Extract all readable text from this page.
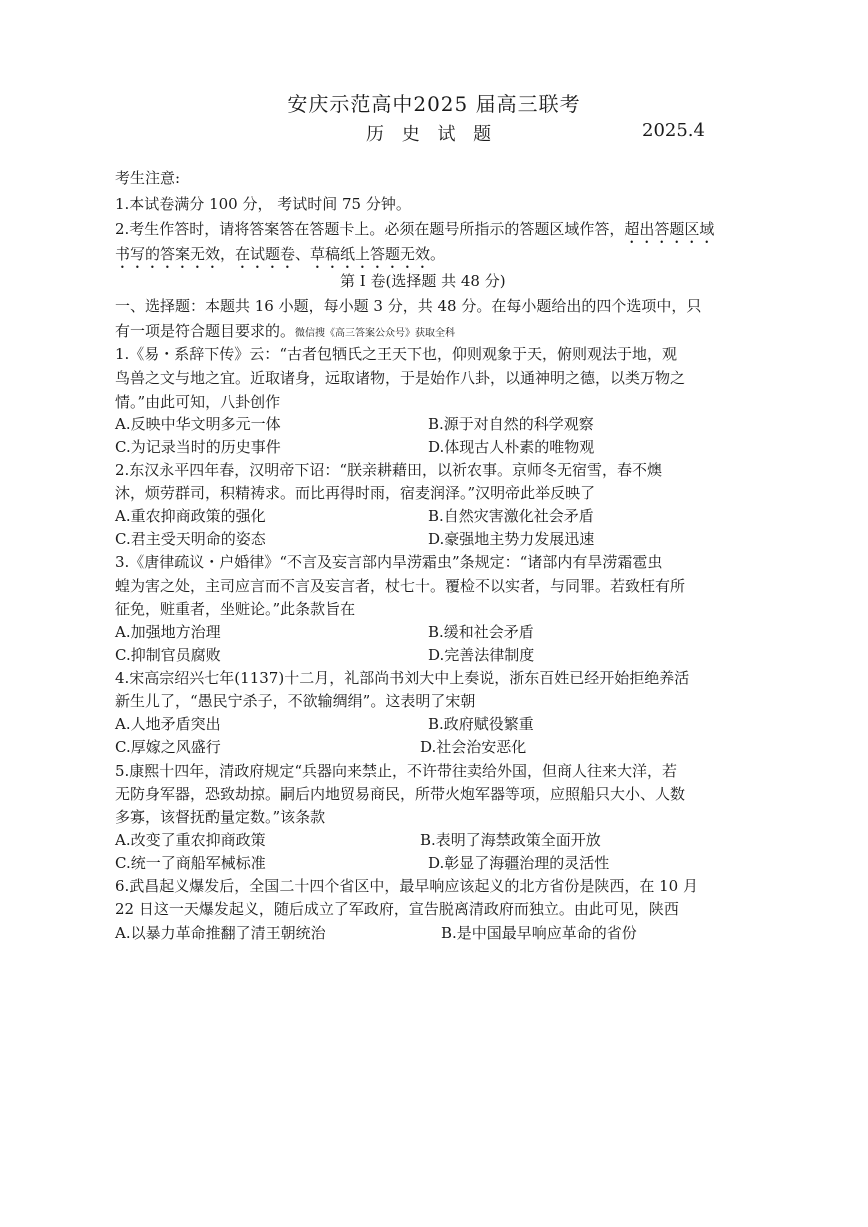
安庆示范高中2025 届高三联考
历 史 试 题	2025.4
考生注意:
1.本试卷满分 100 分， 考试时间 75 分钟。
2.考生作答时，请将答案答在答题卡上。必须在题号所指示的答题区域作答，超出答题区域
书写的答案无效，在试题卷、草稿纸上答题无效。
第 I 卷(选择题 共 48 分)
一、选择题：本题共 16 小题，每小题 3 分，共 48 分。在每小题给出的四个选项中，只
有一项是符合题目要求的。微信搜《高三答案公众号》获取全科
1.《易・系辞下传》云：“古者包牺氏之王天下也，仰则观象于天，俯则观法于地，观
鸟兽之文与地之宜。近取诸身，远取诸物，于是始作八卦，以通神明之德，以类万物之
情。”由此可知，八卦创作
A.反映中华文明多元一体	B.源于对自然的科学观察
C.为记录当时的历史事件	D.体现古人朴素的唯物观
2.东汉永平四年春，汉明帝下诏：“朕亲耕藉田，以祈农事。京师冬无宿雪，春不燠
沐，烦劳群司，积精祷求。而比再得时雨，宿麦润泽。”汉明帝此举反映了
A.重农抑商政策的强化	B.自然灾害激化社会矛盾
C.君主受天明命的姿态	D.豪强地主势力发展迅速
3.《唐律疏议・户婚律》“不言及妄言部内旱涝霜虫”条规定：“诸部内有旱涝霜雹虫
蝗为害之处，主司应言而不言及妄言者，杖七十。覆检不以实者，与同罪。若致枉有所
征免，赃重者，坐赃论。”此条款旨在
A.加强地方治理	B.缓和社会矛盾
C.抑制官员腐败	D.完善法律制度
4.宋高宗绍兴七年(1137)十二月，礼部尚书刘大中上奏说，浙东百姓已经开始拒绝养活
新生儿了，“愚民宁杀子，不欲输绸绢”。这表明了宋朝
A.人地矛盾突出	B.政府赋役繁重
C.厚嫁之风盛行	D.社会治安恶化
5.康熙十四年，清政府规定“兵器向来禁止，不许带往卖给外国，但商人往来大洋，若
无防身军器，恐致劫掠。嗣后内地贸易商民，所带火炮军器等项，应照船只大小、人数
多寡，该督抚酌量定数。”该条款
A.改变了重农抑商政策	B.表明了海禁政策全面开放
C.统一了商船军械标准	D.彰显了海疆治理的灵活性
6.武昌起义爆发后，全国二十四个省区中，最早响应该起义的北方省份是陕西，在 10 月
22 日这一天爆发起义，随后成立了军政府，宣告脱离清政府而独立。由此可见，陕西
A.以暴力革命推翻了清王朝统治	B.是中国最早响应革命的省份
